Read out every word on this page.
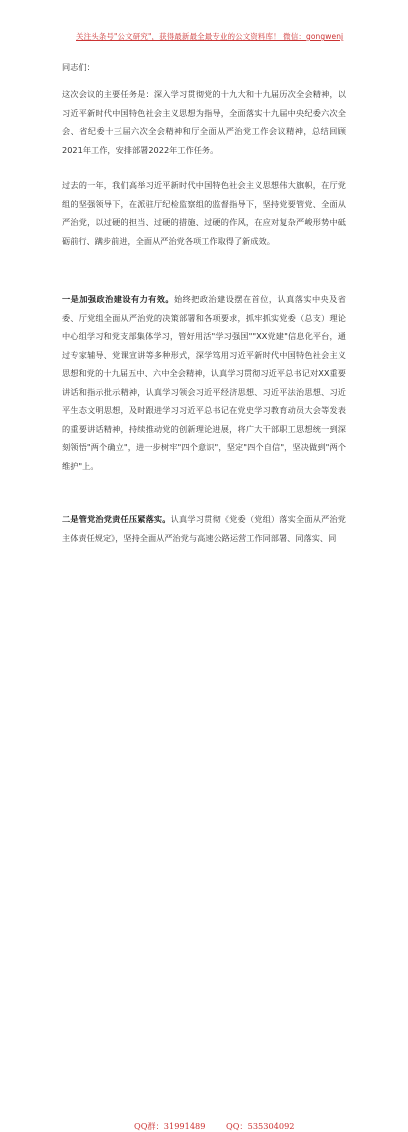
关注头条号"公文研究"，获得最新最全最专业的公文资料库！ 微信：gongwenj
同志们：
这次会议的主要任务是：深入学习贯彻党的十九大和十九届历次全会精神，以习近平新时代中国特色社会主义思想为指导，全面落实十九届中央纪委六次全会、省纪委十三届六次全会精神和厅全面从严治党工作会议精神，总结回顾2021年工作，安排部署2022年工作任务。
过去的一年，我们高举习近平新时代中国特色社会主义思想伟大旗帜，在厅党组的坚强领导下，在派驻厅纪检监察组的监督指导下，坚持党要管党、全面从严治党，以过硬的担当、过硬的措施、过硬的作风，在应对复杂严峻形势中砥砺前行、蹒步前进，全面从严治党各项工作取得了新成效。
一是加强政治建设有力有效。始终把政治建设摆在首位，认真落实中央及省委、厅党组全面从严治党的决策部署和各项要求，抓牢抓实党委（总支）理论中心组学习和党支部集体学习，管好用活"学习强国""XX党建"信息化平台，通过专家辅导、党课宣讲等多种形式，深学笃用习近平新时代中国特色社会主义思想和党的十九届五中、六中全会精神，认真学习贯彻习近平总书记对XX重要讲话和指示批示精神，认真学习领会习近平经济思想、习近平法治思想、习近平生态文明思想，及时跟进学习习近平总书记在党史学习教育动员大会等发表的重要讲话精神，持续推动党的创新理论进展，将广大干部职工思想统一到深刻领悟"两个确立"，进一步树牢"四个意识"，坚定"四个自信"，坚决做到"两个维护"上。
二是管党治党责任压紧落实。认真学习贯彻《党委（党组）落实全面从严治党主体责任规定》，坚持全面从严治党与高速公路运营工作同部署、同落实、同
QQ群：31991489	QQ：535304092
